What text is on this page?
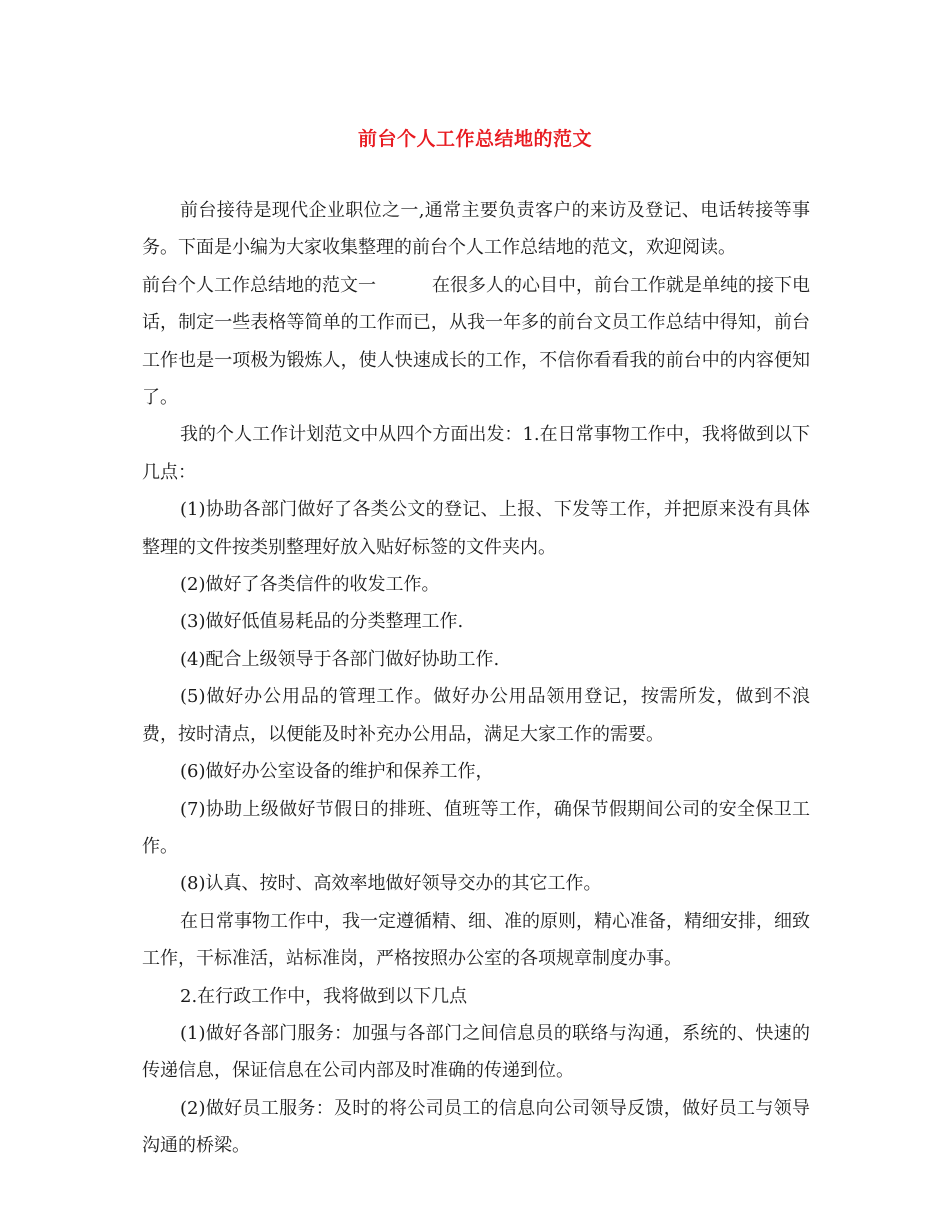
前台个人工作总结地的范文

前台接待是现代企业职位之一,通常主要负责客户的来访及登记、电话转接等事务。下面是小编为大家收集整理的前台个人工作总结地的范文，欢迎阅读。

前台个人工作总结地的范文一	在很多人的心目中，前台工作就是单纯的接下电话，制定一些表格等简单的工作而已，从我一年多的前台文员工作总结中得知，前台工作也是一项极为锻炼人，使人快速成长的工作，不信你看看我的前台中的内容便知了。

我的个人工作计划范文中从四个方面出发：1.在日常事物工作中，我将做到以下几点：

(1)协助各部门做好了各类公文的登记、上报、下发等工作，并把原来没有具体整理的文件按类别整理好放入贴好标签的文件夹内。

(2)做好了各类信件的收发工作。

(3)做好低值易耗品的分类整理工作.

(4)配合上级领导于各部门做好协助工作.

(5)做好办公用品的管理工作。做好办公用品领用登记，按需所发，做到不浪费，按时清点，以便能及时补充办公用品，满足大家工作的需要。

(6)做好办公室设备的维护和保养工作，

(7)协助上级做好节假日的排班、值班等工作，确保节假期间公司的安全保卫工作。

(8)认真、按时、高效率地做好领导交办的其它工作。

在日常事物工作中，我一定遵循精、细、准的原则，精心准备，精细安排，细致工作，干标准活，站标准岗，严格按照办公室的各项规章制度办事。

2.在行政工作中，我将做到以下几点

(1)做好各部门服务：加强与各部门之间信息员的联络与沟通，系统的、快速的传递信息，保证信息在公司内部及时准确的传递到位。

(2)做好员工服务：及时的将公司员工的信息向公司领导反馈，做好员工与领导沟通的桥梁。
